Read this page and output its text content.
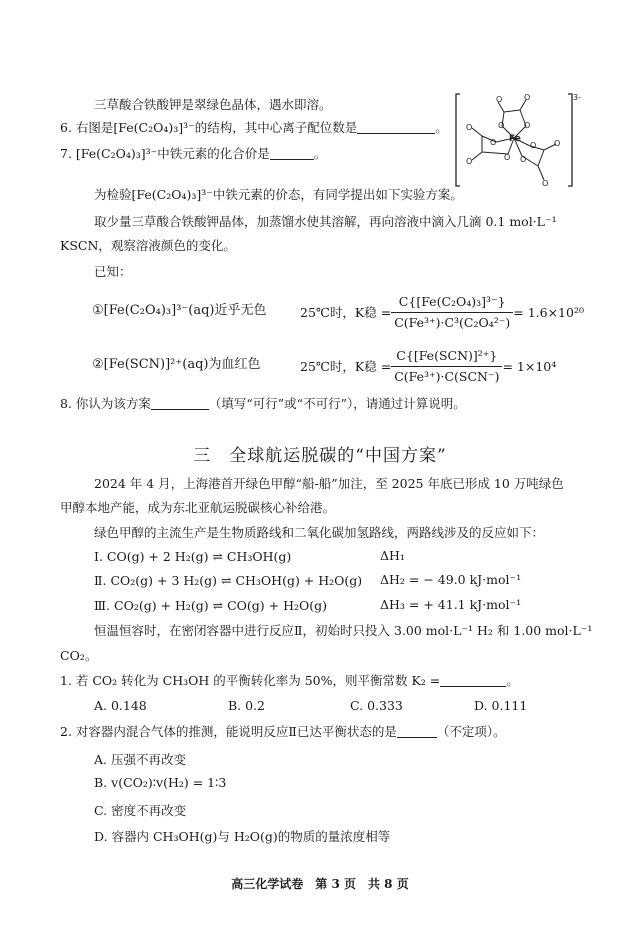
三草酸合铁酸钾是翠绿色晶体，遇水即溶。
6. 右图是[Fe(C₂O₄)₃]³⁻的结构，其中心离子配位数是	。
7. [Fe(C₂O₄)₃]³⁻中铁元素的化合价是	。
O	O
O O
O
O
O
O
O
O
O
O
Fe
3-
为检验[Fe(C₂O₄)₃]³⁻中铁元素的价态，有同学提出如下实验方案。
取少量三草酸合铁酸钾晶体，加蒸馏水使其溶解，再向溶液中滴入几滴 0.1 mol·L⁻¹
KSCN，观察溶液颜色的变化。
已知：
①[Fe(C₂O₄)₃]³⁻(aq)近乎无色	25℃时，K稳 = $\frac{\text{C\{[Fe(C₂O₄)₃]³⁻\}}}{\text{C(Fe³⁺)·C³(C₂O₄²⁻)}} = 1.6\times 10^{20}$
②[Fe(SCN)]²⁺(aq)为血红色	25℃时，K稳 = $\frac{\text{C\{[Fe(SCN)]²⁺\}}}{\text{C(Fe³⁺)·C(SCN⁻)}} = 1\times 10^4$
8. 你认为该方案	（填写“可行”或“不可行”），请通过计算说明。
三　全球航运脱碳的“中国方案”
2024 年 4 月，上海港首开绿色甲醇“船-船”加注，至 2025 年底已形成 10 万吨绿色
甲醇本地产能，成为东北亚航运脱碳核心补给港。
绿色甲醇的主流生产是生物质路线和二氧化碳加氢路线，两路线涉及的反应如下：
Ⅰ. CO(g) + 2 H₂(g) ⇌ CH₃OH(g)	ΔH₁
Ⅱ. CO₂(g) + 3 H₂(g) ⇌ CH₃OH(g) + H₂O(g) ΔH₂ = − 49.0 kJ·mol⁻¹
Ⅲ. CO₂(g) + H₂(g) ⇌ CO(g) + H₂O(g)	ΔH₃ = + 41.1 kJ·mol⁻¹
恒温恒容时，在密闭容器中进行反应Ⅱ，初始时只投入 3.00 mol·L⁻¹ H₂ 和 1.00 mol·L⁻¹
CO₂。
1. 若 CO₂ 转化为 CH₃OH 的平衡转化率为 50%，则平衡常数 K₂ =	。
A. 0.148	B. 0.2	C. 0.333	D. 0.111
2. 对容器内混合气体的推测，能说明反应Ⅱ已达平衡状态的是	（不定项）。
A. 压强不再改变
B. v(CO₂)∶v(H₂) = 1∶3
C. 密度不再改变
D. 容器内 CH₃OH(g)与 H₂O(g)的物质的量浓度相等
高三化学试卷　第 3 页　共 8 页
